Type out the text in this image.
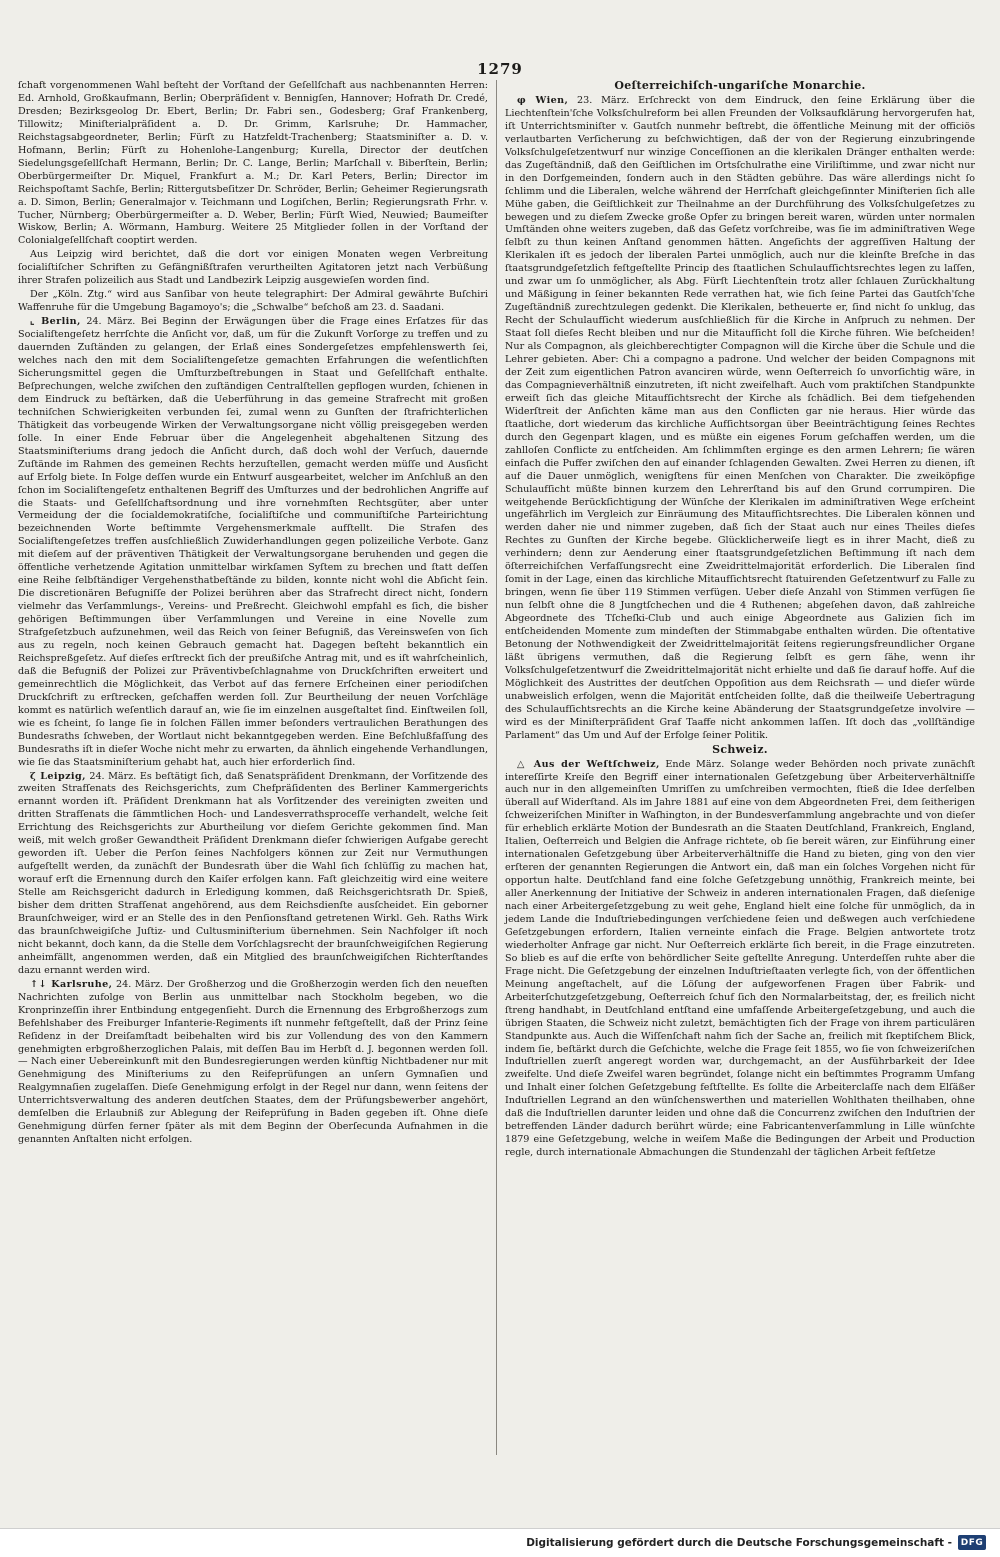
1279

ſchaft vorgenommenen Wahl beſteht der Vorſtand der Geſellſchaft aus nachbenannten Herren: Ed. Arnhold, Großkaufmann, Berlin; Oberpräſident v. Bennigſen, Hannover; Hofrath Dr. Credé, Dresden; Bezirksgeolog Dr. Ebert, Berlin; Dr. Fabri sen., Godesberg; Graf Frankenberg, Tillowitz; Miniſterialpräſident a. D. Dr. Grimm, Karlsruhe; Dr. Hammacher, Reichstagsabgeordneter, Berlin; Fürſt zu Hatzfeldt-Trachenberg; Staatsminiſter a. D. v. Hofmann, Berlin; Fürſt zu Hohenlohe-Langenburg; Kurella, Director der deutſchen Siedelungsgeſellſchaft Hermann, Berlin; Dr. C. Lange, Berlin; Marſchall v. Biberſtein, Berlin; Oberbürgermeiſter Dr. Miquel, Frankfurt a. M.; Dr. Karl Peters, Berlin; Director im Reichspoſtamt Sachſe, Berlin; Rittergutsbeſitzer Dr. Schröder, Berlin; Geheimer Regierungsrath a. D. Simon, Berlin; Generalmajor v. Teichmann und Logiſchen, Berlin; Regierungsrath Frhr. v. Tucher, Nürnberg; Oberbürgermeiſter a. D. Weber, Berlin; Fürſt Wied, Neuwied; Baumeiſter Wiskow, Berlin; A. Wörmann, Hamburg. Weitere 25 Mitglieder ſollen in der Vorſtand der Colonialgeſellſchaft cooptirt werden.

Aus Leipzig wird berichtet, daß die dort vor einigen Monaten wegen Verbreitung ſocialiſtiſcher Schriften zu Gefängnißſtrafen verurtheilten Agitatoren jetzt nach Verbüßung ihrer Strafen polizeilich aus Stadt und Landbezirk Leipzig ausgewieſen worden ſind.

Der „Köln. Ztg.“ wird aus Sanſibar von heute telegraphirt: Der Admiral gewährte Buſchiri Waffenruhe für die Umgebung Bagamoyo's; die „Schwalbe“ beſchoß am 23. d. Saadani.

⌞ Berlin, 24. März. Bei Beginn der Erwägungen über die Frage eines Erſatzes für das Socialiſtengeſetz herrſchte die Anſicht vor, daß, um für die Zukunft Vorſorge zu treffen und zu dauernden Zuſtänden zu gelangen, der Erlaß eines Sondergeſetzes empfehlenswerth ſei, welches nach den mit dem Socialiſtengeſetze gemachten Erfahrungen die weſentlichſten Sicherungsmittel gegen die Umſturzbeſtrebungen in Staat und Geſellſchaft enthalte. Beſprechungen, welche zwiſchen den zuſtändigen Centralſtellen gepflogen wurden, ſchienen in dem Eindruck zu beſtärken, daß die Ueberführung in das gemeine Strafrecht mit großen techniſchen Schwierigkeiten verbunden ſei, zumal wenn zu Gunſten der ſtrafrichterlichen Thätigkeit das vorbeugende Wirken der Verwaltungsorgane nicht völlig preisgegeben werden ſolle. In einer Ende Februar über die Angelegenheit abgehaltenen Sitzung des Staatsminiſteriums drang jedoch die Anſicht durch, daß doch wohl der Verſuch, dauernde Zuſtände im Rahmen des gemeinen Rechts herzuſtellen, gemacht werden müſſe und Ausſicht auf Erfolg biete. In Folge deſſen wurde ein Entwurf ausgearbeitet, welcher im Anſchluß an den ſchon im Socialiſtengeſetz enthaltenen Begriff des Umſturzes und der bedrohlichen Angriffe auf die Staats- und Geſellſchaftsordnung und ihre vornehmſten Rechtsgüter, aber unter Vermeidung der die ſocialdemokratiſche, ſocialiſtiſche und communiſtiſche Parteirichtung bezeichnenden Worte beſtimmte Vergehensmerkmale aufſtellt. Die Strafen des Socialiſtengeſetzes treffen ausſchließlich Zuwiderhandlungen gegen polizeiliche Verbote. Ganz mit dieſem auf der präventiven Thätigkeit der Verwaltungsorgane beruhenden und gegen die öffentliche verhetzende Agitation unmittelbar wirkſamen Syſtem zu brechen und ſtatt deſſen eine Reihe ſelbſtändiger Vergehensthatbeſtände zu bilden, konnte nicht wohl die Abſicht ſein. Die discretionären Befugniſſe der Polizei berühren aber das Strafrecht direct nicht, ſondern vielmehr das Verſammlungs-, Vereins- und Preßrecht. Gleichwohl empfahl es ſich, die bisher gehörigen Beſtimmungen über Verſammlungen und Vereine in eine Novelle zum Strafgeſetzbuch aufzunehmen, weil das Reich von ſeiner Befugniß, das Vereinsweſen von ſich aus zu regeln, noch keinen Gebrauch gemacht hat. Dagegen beſteht bekanntlich ein Reichspreßgeſetz. Auf dieſes erſtreckt ſich der preußiſche Antrag mit, und es iſt wahrſcheinlich, daß die Befugniß der Polizei zur Präventivbeſchlagnahme von Druckſchriften erweitert und gemeinrechtlich die Möglichkeit, das Verbot auf das fernere Erſcheinen einer periodiſchen Druckſchrift zu erſtrecken, geſchaffen werden ſoll. Zur Beurtheilung der neuen Vorſchläge kommt es natürlich weſentlich darauf an, wie ſie im einzelnen ausgeſtaltet ſind. Einſtweilen ſoll, wie es ſcheint, ſo lange ſie in ſolchen Fällen immer beſonders vertraulichen Berathungen des Bundesraths ſchweben, der Wortlaut nicht bekanntgegeben werden. Eine Beſchlußfaſſung des Bundesraths iſt in dieſer Woche nicht mehr zu erwarten, da ähnlich eingehende Verhandlungen, wie ſie das Staatsminiſterium gehabt hat, auch hier erforderlich ſind.

ζ Leipzig, 24. März. Es beſtätigt ſich, daß Senatspräſident Drenkmann, der Vorſitzende des zweiten Strafſenats des Reichsgerichts, zum Chefpräſidenten des Berliner Kammergerichts ernannt worden iſt. Präſident Drenkmann hat als Vorſitzender des vereinigten zweiten und dritten Strafſenats die ſämmtlichen Hoch- und Landesverrathsproceſſe verhandelt, welche ſeit Errichtung des Reichsgerichts zur Aburtheilung vor dieſem Gerichte gekommen ſind. Man weiß, mit welch großer Gewandtheit Präſident Drenkmann dieſer ſchwierigen Aufgabe gerecht geworden iſt. Ueber die Perſon ſeines Nachfolgers können zur Zeit nur Vermuthungen aufgeſtellt werden, da zunächſt der Bundesrath über die Wahl ſich ſchlüſſig zu machen hat, worauf erſt die Ernennung durch den Kaiſer erfolgen kann. Faſt gleichzeitig wird eine weitere Stelle am Reichsgericht dadurch in Erledigung kommen, daß Reichsgerichtsrath Dr. Spieß, bisher dem dritten Strafſenat angehörend, aus dem Reichsdienſte ausſcheidet. Ein geborner Braunſchweiger, wird er an Stelle des in den Penſionsſtand getretenen Wirkl. Geh. Raths Wirk das braunſchweigiſche Juſtiz- und Cultusminiſterium übernehmen. Sein Nachfolger iſt noch nicht bekannt, doch kann, da die Stelle dem Vorſchlagsrecht der braunſchweigiſchen Regierung anheimfällt, angenommen werden, daß ein Mitglied des braunſchweigiſchen Richterſtandes dazu ernannt werden wird.

↑↓ Karlsruhe, 24. März. Der Großherzog und die Großherzogin werden ſich den neueſten Nachrichten zufolge von Berlin aus unmittelbar nach Stockholm begeben, wo die Kronprinzeſſin ihrer Entbindung entgegenſieht. Durch die Ernennung des Erbgroßherzogs zum Befehlshaber des Freiburger Infanterie-Regiments iſt nunmehr feſtgeſtellt, daß der Prinz ſeine Reſidenz in der Dreiſamſtadt beibehalten wird bis zur Vollendung des von den Kammern genehmigten erbgroßherzoglichen Palais, mit deſſen Bau im Herbſt d. J. begonnen werden ſoll. — Nach einer Uebereinkunft mit den Bundesregierungen werden künftig Nichtbadener nur mit Genehmigung des Miniſteriums zu den Reifeprüfungen an unſern Gymnaſien und Realgymnaſien zugelaſſen. Dieſe Genehmigung erfolgt in der Regel nur dann, wenn ſeitens der Unterrichtsverwaltung des anderen deutſchen Staates, dem der Prüfungsbewerber angehört, demſelben die Erlaubniß zur Ablegung der Reifeprüfung in Baden gegeben iſt. Ohne dieſe Genehmigung dürfen ferner ſpäter als mit dem Beginn der Oberſecunda Aufnahmen in die genannten Anſtalten nicht erfolgen.

Oeſterreichiſch-ungariſche Monarchie.

φ Wien, 23. März. Erſchreckt von dem Eindruck, den ſeine Erklärung über die Liechtenſtein'ſche Volksſchulreform bei allen Freunden der Volksaufklärung hervorgerufen hat, iſt Unterrichtsminiſter v. Gautſch nunmehr beſtrebt, die öffentliche Meinung mit der officiös verlautbarten Verſicherung zu beſchwichtigen, daß der von der Regierung einzubringende Volksſchulgeſetzentwurf nur winzige Conceſſionen an die klerikalen Dränger enthalten werde: das Zugeſtändniß, daß den Geiſtlichen im Ortsſchulrathe eine Viriliſtimme, und zwar nicht nur in den Dorfgemeinden, ſondern auch in den Städten gebühre. Das wäre allerdings nicht ſo ſchlimm und die Liberalen, welche während der Herrſchaft gleichgeſinnter Miniſterien ſich alle Mühe gaben, die Geiſtlichkeit zur Theilnahme an der Durchführung des Volksſchulgeſetzes zu bewegen und zu dieſem Zwecke große Opfer zu bringen bereit waren, würden unter normalen Umſtänden ohne weiters zugeben, daß das Geſetz vorſchreibe, was ſie im adminiſtrativen Wege ſelbſt zu thun keinen Anſtand genommen hätten. Angeſichts der aggreſſiven Haltung der Klerikalen iſt es jedoch der liberalen Partei unmöglich, auch nur die kleinſte Breſche in das ſtaatsgrundgeſetzlich feſtgeſtellte Princip des ſtaatlichen Schulaufſichtsrechtes legen zu laſſen, und zwar um ſo unmöglicher, als Abg. Fürſt Liechtenſtein trotz aller ſchlauen Zurückhaltung und Mäßigung in ſeiner bekannten Rede verrathen hat, wie ſich ſeine Partei das Gautſch'ſche Zugeſtändniß zurechtzulegen gedenkt. Die Klerikalen, betheuerte er, ſind nicht ſo unklug, das Recht der Schulaufſicht wiederum ausſchließlich für die Kirche in Anſpruch zu nehmen. Der Staat ſoll dieſes Recht bleiben und nur die Mitaufſicht ſoll die Kirche führen. Wie beſcheiden! Nur als Compagnon, als gleichberechtigter Compagnon will die Kirche über die Schule und die Lehrer gebieten. Aber: Chi a compagno a padrone. Und welcher der beiden Compagnons mit der Zeit zum eigentlichen Patron avanciren würde, wenn Oeſterreich ſo unvorſichtig wäre, in das Compagnieverhältniß einzutreten, iſt nicht zweifelhaft. Auch vom praktiſchen Standpunkte erweiſt ſich das gleiche Mitaufſichtsrecht der Kirche als ſchädlich. Bei dem tiefgehenden Widerſtreit der Anſichten käme man aus den Conflicten gar nie heraus. Hier würde das ſtaatliche, dort wiederum das kirchliche Aufſichtsorgan über Beeinträchtigung ſeines Rechtes durch den Gegenpart klagen, und es müßte ein eigenes Forum geſchaffen werden, um die zahlloſen Conflicte zu entſcheiden. Am ſchlimmſten erginge es den armen Lehrern; ſie wären einfach die Puffer zwiſchen den auf einander ſchlagenden Gewalten. Zwei Herren zu dienen, iſt auf die Dauer unmöglich, wenigſtens für einen Menſchen von Charakter. Die zweiköpfige Schulaufſicht müßte binnen kurzem den Lehrerſtand bis auf den Grund corrumpiren. Die weitgehende Berückſichtigung der Wünſche der Klerikalen im adminiſtrativen Wege erſcheint ungefährlich im Vergleich zur Einräumung des Mitaufſichtsrechtes. Die Liberalen können und werden daher nie und nimmer zugeben, daß ſich der Staat auch nur eines Theiles dieſes Rechtes zu Gunſten der Kirche begebe. Glücklicherweiſe liegt es in ihrer Macht, dieß zu verhindern; denn zur Aenderung einer ſtaatsgrundgeſetzlichen Beſtimmung iſt nach dem öſterreichiſchen Verfaſſungsrecht eine Zweidrittelmajorität erforderlich. Die Liberalen ſind ſomit in der Lage, einen das kirchliche Mitaufſichtsrecht ſtatuirenden Geſetzentwurf zu Falle zu bringen, wenn ſie über 119 Stimmen verfügen. Ueber dieſe Anzahl von Stimmen verfügen ſie nun ſelbſt ohne die 8 Jungtſchechen und die 4 Ruthenen; abgeſehen davon, daß zahlreiche Abgeordnete des Tſcheſki-Club und auch einige Abgeordnete aus Galizien ſich im entſcheidenden Momente zum mindeſten der Stimmabgabe enthalten würden. Die oſtentative Betonung der Nothwendigkeit der Zweidrittelmajorität ſeitens regierungsfreundlicher Organe läßt übrigens vermuthen, daß die Regierung ſelbſt es gern ſähe, wenn ihr Volksſchulgeſetzentwurf die Zweidrittelmajorität nicht erhielte und daß ſie darauf hoffe. Auf die Möglichkeit des Austrittes der deutſchen Oppoſition aus dem Reichsrath — und dieſer würde unabweislich erfolgen, wenn die Majorität entſcheiden ſollte, daß die theilweiſe Uebertragung des Schulaufſichtsrechts an die Kirche keine Abänderung der Staatsgrundgeſetze involvire — wird es der Miniſterpräſident Graf Taaffe nicht ankommen laſſen. Iſt doch das „vollſtändige Parlament“ das Um und Auf der Erfolge ſeiner Politik.

Schweiz.

△ Aus der Weſtſchweiz, Ende März. Solange weder Behörden noch private zunächſt intereſſirte Kreiſe den Begriff einer internationalen Geſetzgebung über Arbeiterverhältniſſe auch nur in den allgemeinſten Umriſſen zu umſchreiben vermochten, ſtieß die Idee derſelben überall auf Widerſtand. Als im Jahre 1881 auf eine von dem Abgeordneten Frei, dem ſeitherigen ſchweizeriſchen Miniſter in Waſhington, in der Bundesverſammlung angebrachte und von dieſer für erheblich erklärte Motion der Bundesrath an die Staaten Deutſchland, Frankreich, England, Italien, Oeſterreich und Belgien die Anfrage richtete, ob ſie bereit wären, zur Einführung einer internationalen Geſetzgebung über Arbeiterverhältniſſe die Hand zu bieten, ging von den vier erſteren der genannten Regierungen die Antwort ein, daß man ein ſolches Vorgehen nicht für opportun halte. Deutſchland fand eine ſolche Geſetzgebung unnöthig, Frankreich meinte, bei aller Anerkennung der Initiative der Schweiz in anderen internationalen Fragen, daß dieſenige nach einer Arbeitergeſetzgebung zu weit gehe, England hielt eine ſolche für unmöglich, da in jedem Lande die Induſtriebedingungen verſchiedene ſeien und deßwegen auch verſchiedene Geſetzgebungen erfordern, Italien verneinte einfach die Frage. Belgien antwortete trotz wiederholter Anfrage gar nicht. Nur Oeſterreich erklärte ſich bereit, in die Frage einzutreten. So blieb es auf die erſte von behördlicher Seite geſtellte Anregung. Unterdeſſen ruhte aber die Frage nicht. Die Geſetzgebung der einzelnen Induſtrieſtaaten verlegte ſich, von der öffentlichen Meinung angeſtachelt, auf die Löſung der aufgeworfenen Fragen über Fabrik- und Arbeiterſchutzgeſetzgebung, Oeſterreich ſchuf ſich den Normalarbeitstag, der, es freilich nicht ſtreng handhabt, in Deutſchland entſtand eine umfaſſende Arbeitergeſetzgebung, und auch die übrigen Staaten, die Schweiz nicht zuletzt, bemächtigten ſich der Frage von ihrem particulären Standpunkte aus. Auch die Wiſſenſchaft nahm ſich der Sache an, freilich mit ſkeptiſchem Blick, indem ſie, beſtärkt durch die Geſchichte, welche die Frage ſeit 1855, wo ſie von ſchweizeriſchen Induſtriellen zuerſt angeregt worden war, durchgemacht, an der Ausführbarkeit der Idee zweifelte. Und dieſe Zweifel waren begründet, ſolange nicht ein beſtimmtes Programm Umfang und Inhalt einer ſolchen Geſetzgebung feſtſtellte. Es ſollte die Arbeiterclaſſe nach dem Elſäßer Induſtriellen Legrand an den wünſchenswerthen und materiellen Wohlthaten theilhaben, ohne daß die Induſtriellen darunter leiden und ohne daß die Concurrenz zwiſchen den Induſtrien der betreffenden Länder dadurch berührt würde; eine Fabricantenverſammlung in Lille wünſchte 1879 eine Geſetzgebung, welche in weiſem Maße die Bedingungen der Arbeit und Production regle, durch internationale Abmachungen die Stundenzahl der täglichen Arbeit feſtſetze

Digitalisierung gefördert durch die Deutsche Forschungsgemeinschaft - DFG
